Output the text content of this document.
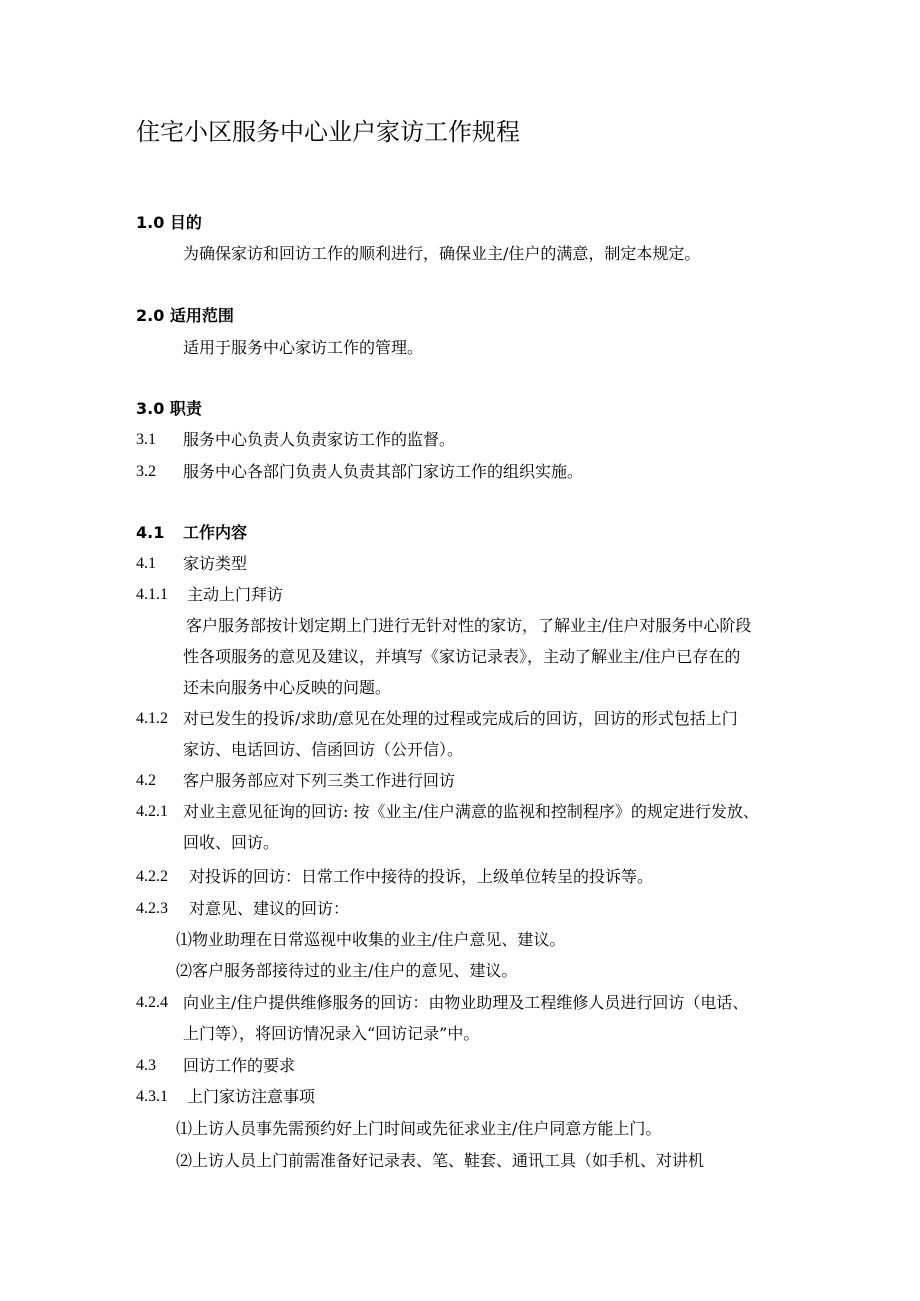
住宅小区服务中心业户家访工作规程
1.0 目的
为确保家访和回访工作的顺利进行，确保业主/住户的满意，制定本规定。
2.0 适用范围
适用于服务中心家访工作的管理。
3.0 职责
3.1 服务中心负责人负责家访工作的监督。
3.2 服务中心各部门负责人负责其部门家访工作的组织实施。
4.1 工作内容
4.1 家访类型
4.1.1 主动上门拜访
客户服务部按计划定期上门进行无针对性的家访，了解业主/住户对服务中心阶段
性各项服务的意见及建议，并填写《家访记录表》，主动了解业主/住户已存在的
还未向服务中心反映的问题。
4.1.2 对已发生的投诉/求助/意见在处理的过程或完成后的回访，回访的形式包括上门
家访、电话回访、信函回访（公开信）。
4.2 客户服务部应对下列三类工作进行回访
4.2.1 对业主意见征询的回访: 按《业主/住户满意的监视和控制程序》的规定进行发放、
回收、回访。
4.2.2 对投诉的回访：日常工作中接待的投诉，上级单位转呈的投诉等。
4.2.3 对意见、建议的回访：
⑴物业助理在日常巡视中收集的业主/住户意见、建议。
⑵客户服务部接待过的业主/住户的意见、建议。
4.2.4 向业主/住户提供维修服务的回访：由物业助理及工程维修人员进行回访（电话、
上门等），将回访情况录入“回访记录”中。
4.3 回访工作的要求
4.3.1 上门家访注意事项
⑴上访人员事先需预约好上门时间或先征求业主/住户同意方能上门。
⑵上访人员上门前需准备好记录表、笔、鞋套、通讯工具（如手机、对讲机
